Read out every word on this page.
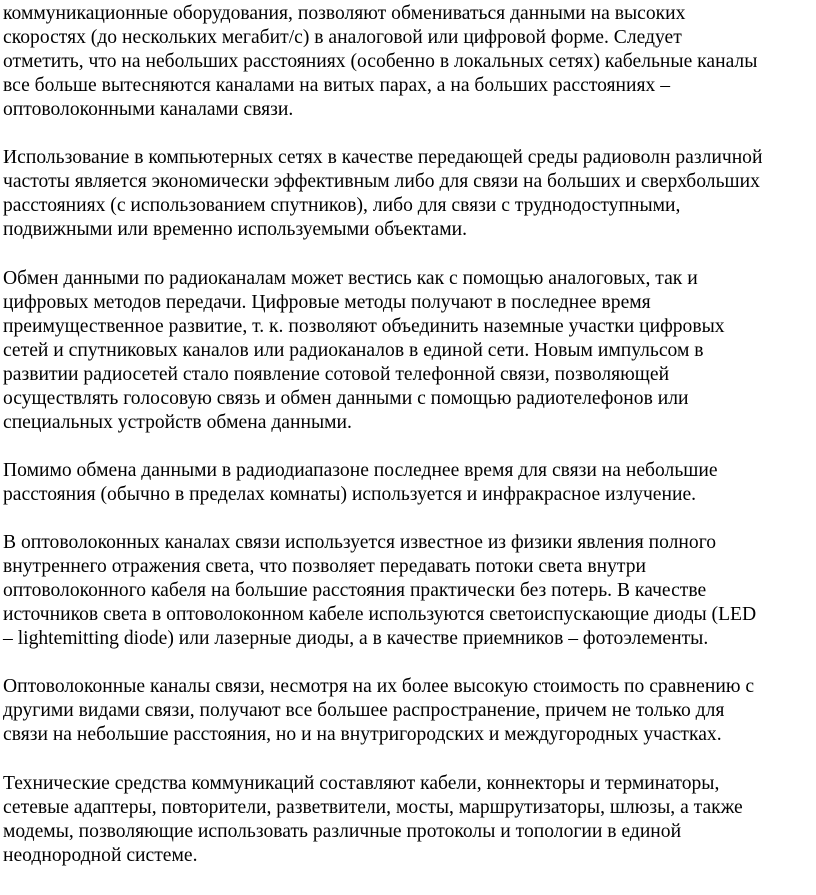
коммуникационные оборудования, позволяют обмениваться данными на высоких
скоростях (до нескольких мегабит/с) в аналоговой или цифровой форме. Следует
отметить, что на небольших расстояниях (особенно в локальных сетях) кабельные каналы
все больше вытесняются каналами на витых парах, а на больших расстояниях –
оптоволоконными каналами связи.
Использование в компьютерных сетях в качестве передающей среды радиоволн различной
частоты является экономически эффективным либо для связи на больших и сверхбольших
расстояниях (с использованием спутников), либо для связи с труднодоступными,
подвижными или временно используемыми объектами.
Обмен данными по радиоканалам может вестись как с помощью аналоговых, так и
цифровых методов передачи. Цифровые методы получают в последнее время
преимущественное развитие, т. к. позволяют объединить наземные участки цифровых
сетей и спутниковых каналов или радиоканалов в единой сети. Новым импульсом в
развитии радиосетей стало появление сотовой телефонной связи, позволяющей
осуществлять голосовую связь и обмен данными с помощью радиотелефонов или
специальных устройств обмена данными.
Помимо обмена данными в радиодиапазоне последнее время для связи на небольшие
расстояния (обычно в пределах комнаты) используется и инфракрасное излучение.
В оптоволоконных каналах связи используется известное из физики явления полного
внутреннего отражения света, что позволяет передавать потоки света внутри
оптоволоконного кабеля на большие расстояния практически без потерь. В качестве
источников света в оптоволоконном кабеле используются светоиспускающие диоды (LED
– lightemitting diode) или лазерные диоды, а в качестве приемников – фотоэлементы.
Оптоволоконные каналы связи, несмотря на их более высокую стоимость по сравнению с
другими видами связи, получают все большее распространение, причем не только для
связи на небольшие расстояния, но и на внутригородских и междугородных участках.
Технические средства коммуникаций составляют кабели, коннекторы и терминаторы,
сетевые адаптеры, повторители, разветвители, мосты, маршрутизаторы, шлюзы, а также
модемы, позволяющие использовать различные протоколы и топологии в единой
неоднородной системе.
